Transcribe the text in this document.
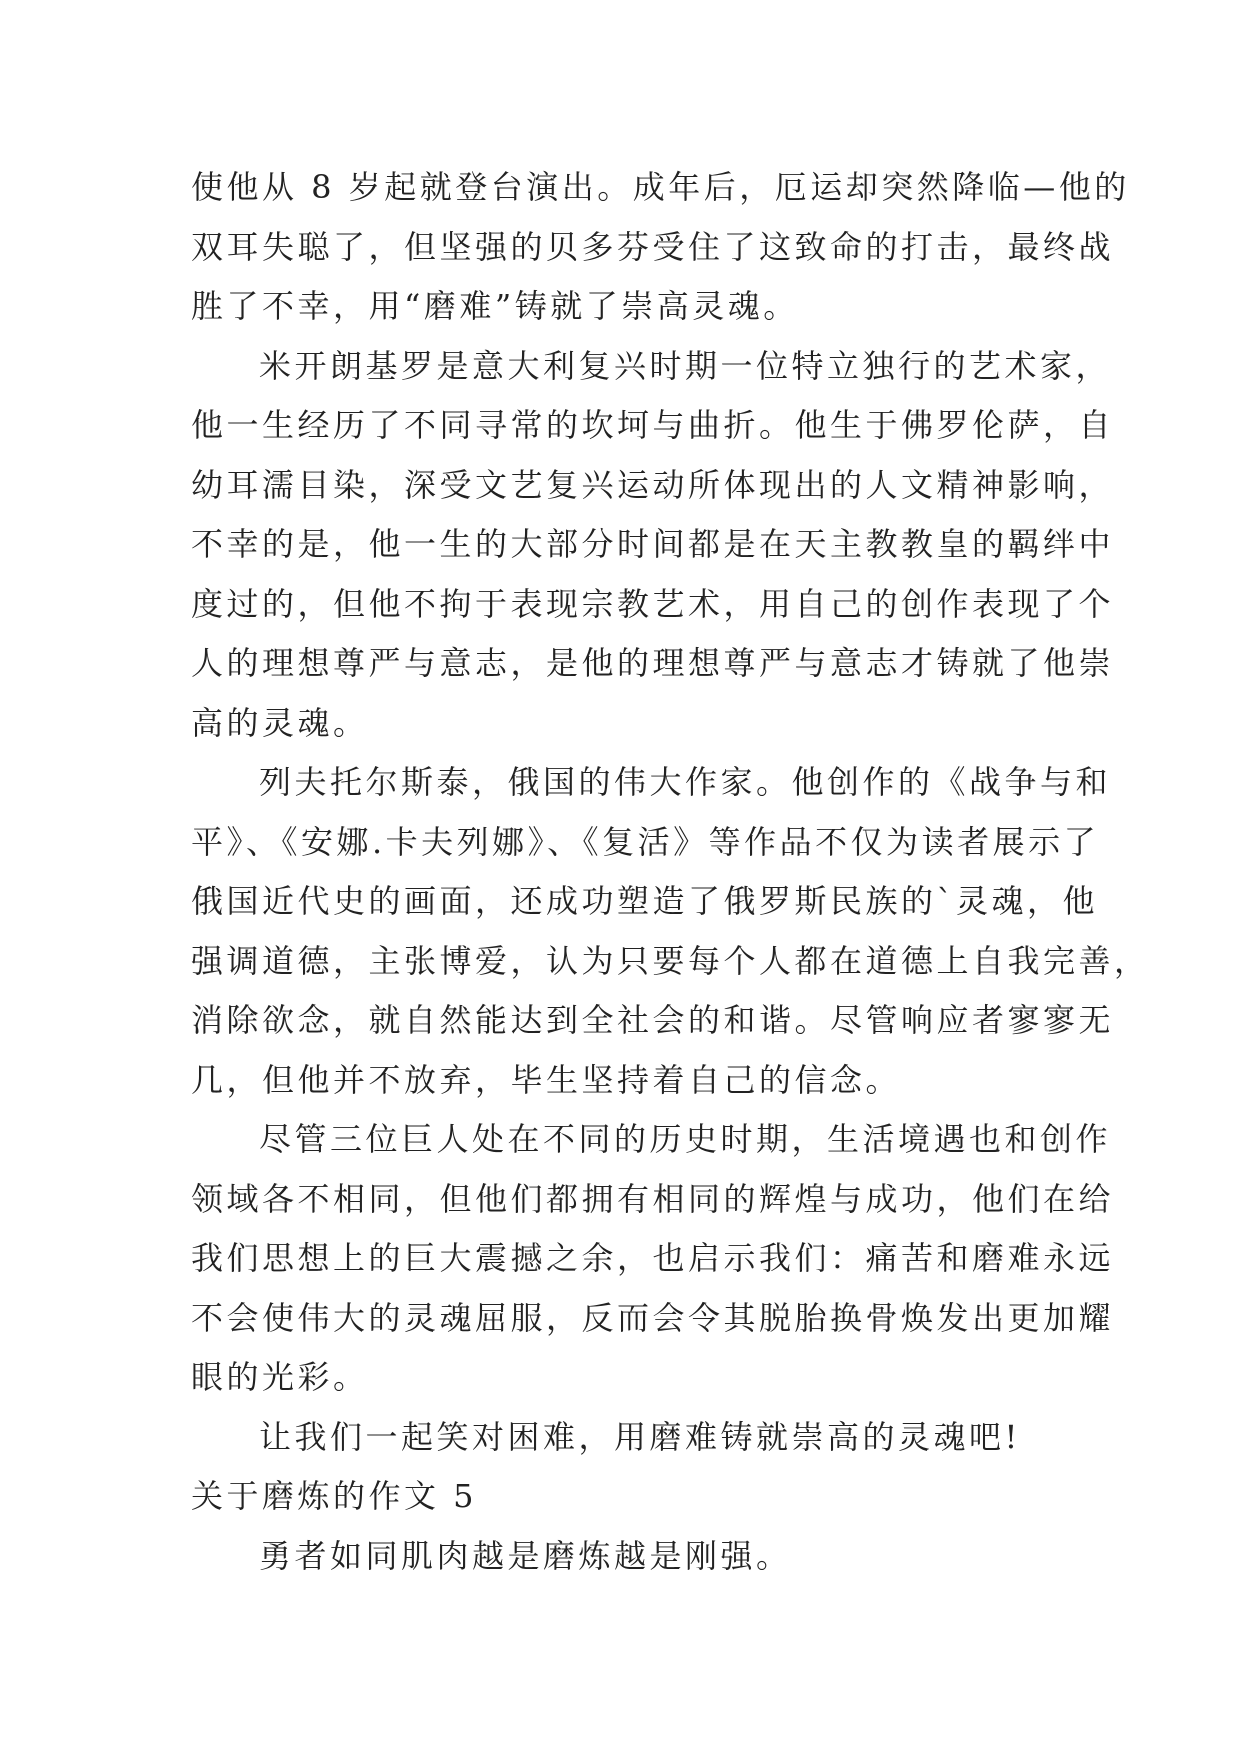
使他从 8 岁起就登台演出。成年后，厄运却突然降临—他的
双耳失聪了，但坚强的贝多芬受住了这致命的打击，最终战
胜了不幸，用“磨难”铸就了崇高灵魂。

米开朗基罗是意大利复兴时期一位特立独行的艺术家，
他一生经历了不同寻常的坎坷与曲折。他生于佛罗伦萨，自
幼耳濡目染，深受文艺复兴运动所体现出的人文精神影响，
不幸的是，他一生的大部分时间都是在天主教教皇的羁绊中
度过的，但他不拘于表现宗教艺术，用自己的创作表现了个
人的理想尊严与意志，是他的理想尊严与意志才铸就了他崇
高的灵魂。

列夫托尔斯泰，俄国的伟大作家。他创作的《战争与和
平》、《安娜.卡夫列娜》、《复活》等作品不仅为读者展示了
俄国近代史的画面，还成功塑造了俄罗斯民族的`灵魂，他
强调道德，主张博爱，认为只要每个人都在道德上自我完善，
消除欲念，就自然能达到全社会的和谐。尽管响应者寥寥无
几，但他并不放弃，毕生坚持着自己的信念。

尽管三位巨人处在不同的历史时期，生活境遇也和创作
领域各不相同，但他们都拥有相同的辉煌与成功，他们在给
我们思想上的巨大震撼之余，也启示我们：痛苦和磨难永远
不会使伟大的灵魂屈服，反而会令其脱胎换骨焕发出更加耀
眼的光彩。

让我们一起笑对困难，用磨难铸就崇高的灵魂吧!

关于磨炼的作文 5

勇者如同肌肉越是磨炼越是刚强。
